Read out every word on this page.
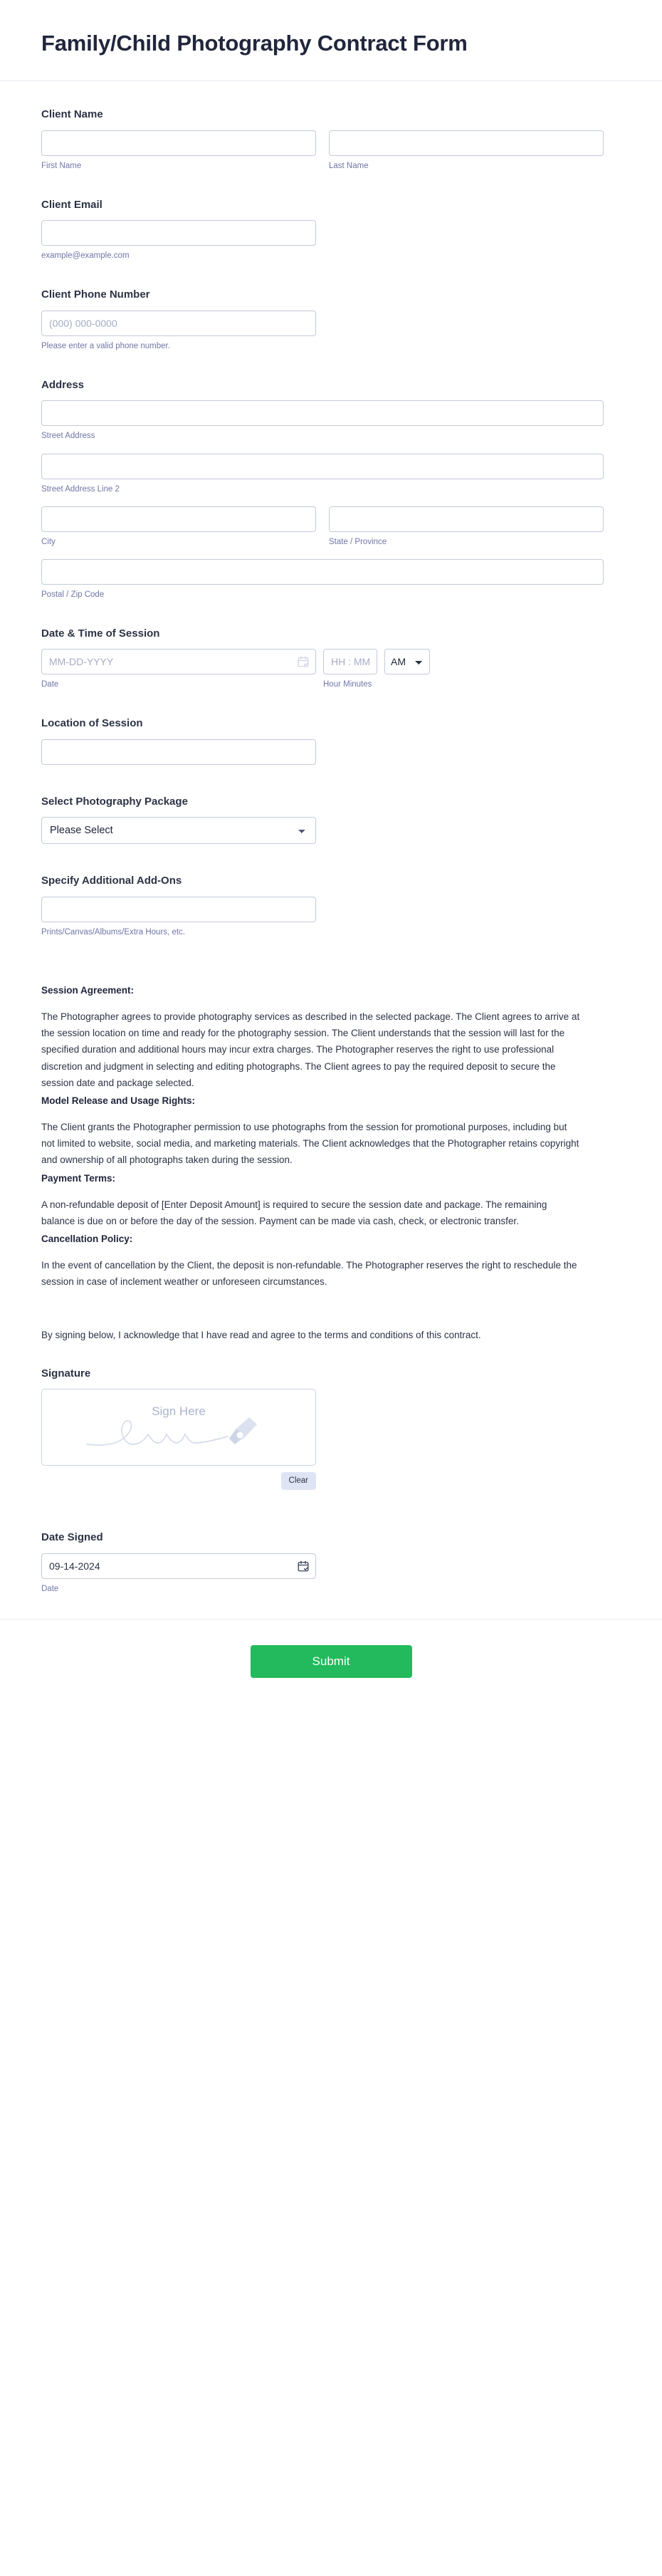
Family/Child Photography Contract Form
Client Name
First Name	Last Name
Client Email
example@example.com
Client Phone Number
(000) 000-0000
Please enter a valid phone number.
Address
Street Address
Street Address Line 2
City	State / Province
Postal / Zip Code
Date & Time of Session
MM-DD-YYYY
HH : MM
AM
Date	Hour Minutes
Location of Session
Select Photography Package
Please Select
Specify Additional Add-Ons
Prints/Canvas/Albums/Extra Hours, etc.

Session Agreement:

The Photographer agrees to provide photography services as described in the selected package. The Client agrees to arrive at the session location on time and ready for the photography session. The Client understands that the session will last for the specified duration and additional hours may incur extra charges. The Photographer reserves the right to use professional discretion and judgment in selecting and editing photographs. The Client agrees to pay the required deposit to secure the session date and package selected.

Model Release and Usage Rights:

The Client grants the Photographer permission to use photographs from the session for promotional purposes, including but not limited to website, social media, and marketing materials. The Client acknowledges that the Photographer retains copyright and ownership of all photographs taken during the session.

Payment Terms:

A non-refundable deposit of [Enter Deposit Amount] is required to secure the session date and package. The remaining balance is due on or before the day of the session. Payment can be made via cash, check, or electronic transfer.

Cancellation Policy:

In the event of cancellation by the Client, the deposit is non-refundable. The Photographer reserves the right to reschedule the session in case of inclement weather or unforeseen circumstances.

By signing below, I acknowledge that I have read and agree to the terms and conditions of this contract.

Signature
Sign Here
Clear
Date Signed
09-14-2024
Date
Submit
